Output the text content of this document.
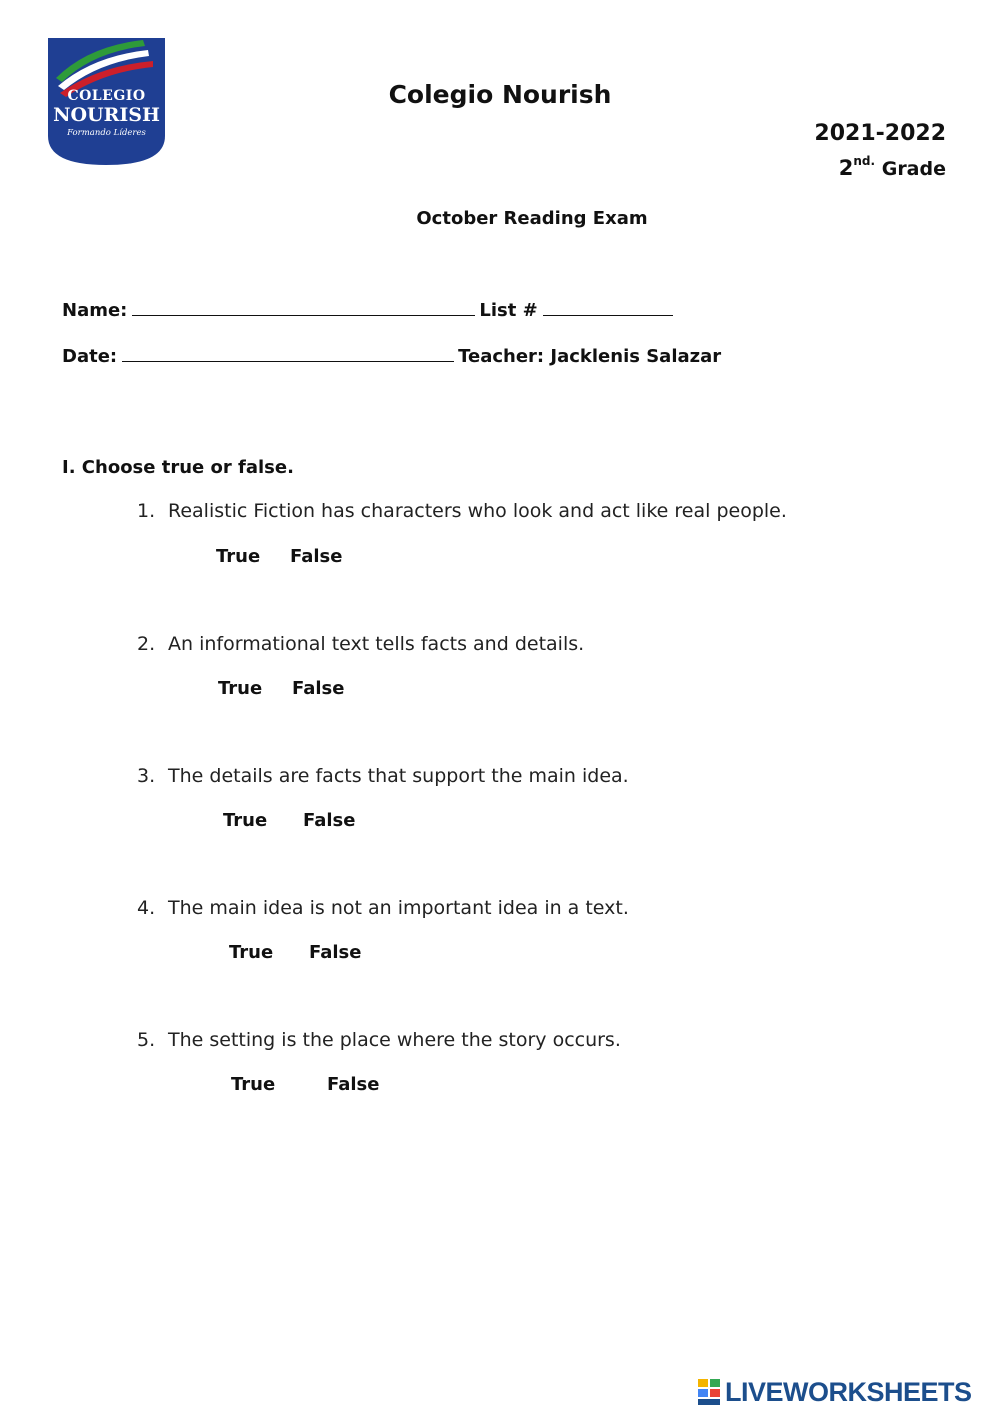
COLEGIO
NOURISH
Formando Líderes
Colegio Nourish
2021-2022
$2^{nd.}$ Grade
October Reading Exam
Name:	List #
Date:	Teacher: Jacklenis Salazar
I. Choose true or false.
1. Realistic Fiction has characters who look and act like real people.
True False
2. An informational text tells facts and details.
True False
3. The details are facts that support the main idea.
True False
4. The main idea is not an important idea in a text.
True False
5. The setting is the place where the story occurs.
True	False
LIVEWORKSHEETS
